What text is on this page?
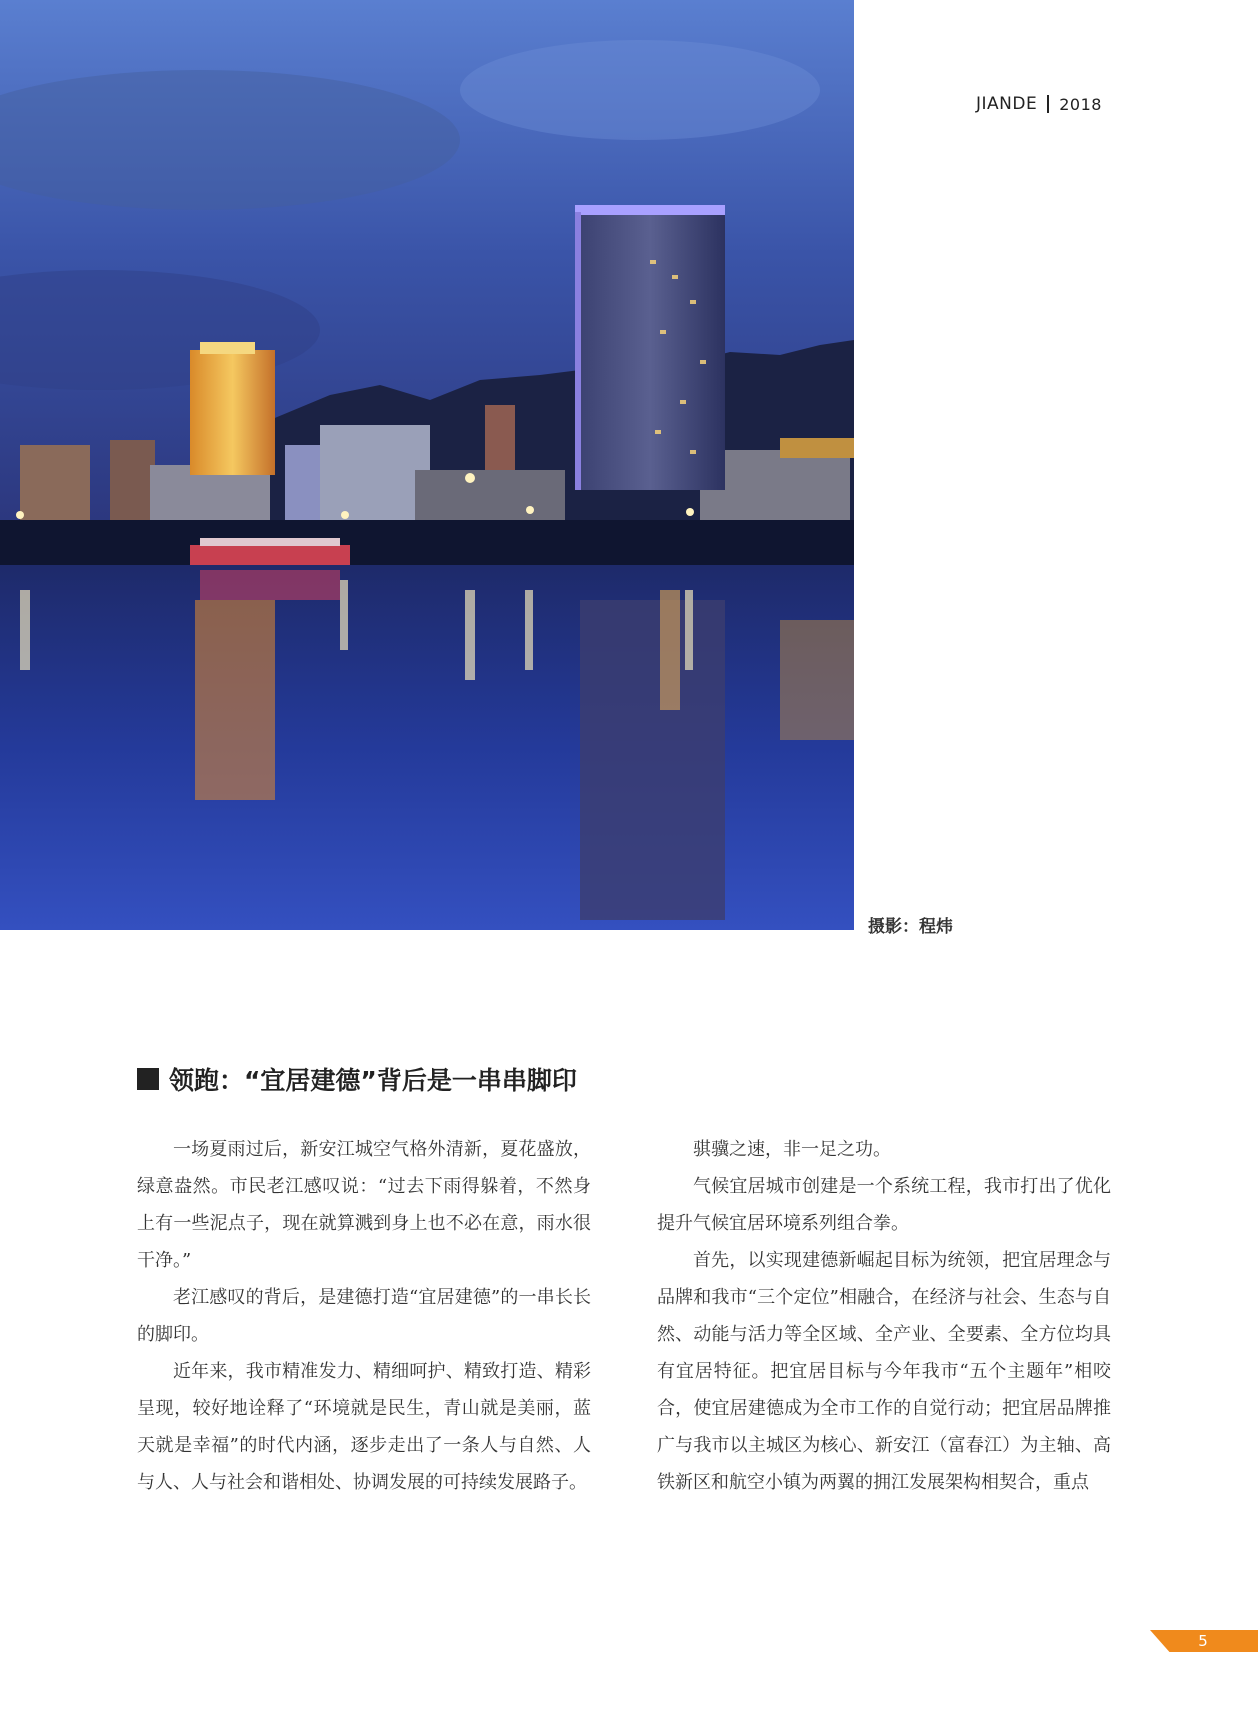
JIANDE 2018
摄影：程炜
领跑：“宜居建德”背后是一串串脚印

一场夏雨过后，新安江城空气格外清新，夏花盛放，绿意盎然。市民老江感叹说：“过去下雨得躲着，不然身上有一些泥点子，现在就算溅到身上也不必在意，雨水很干净。”

老江感叹的背后，是建德打造“宜居建德”的一串长长的脚印。

近年来，我市精准发力、精细呵护、精致打造、精彩呈现，较好地诠释了“环境就是民生，青山就是美丽，蓝天就是幸福”的时代内涵，逐步走出了一条人与自然、人与人、人与社会和谐相处、协调发展的可持续发展路子。

骐骥之速，非一足之功。

气候宜居城市创建是一个系统工程，我市打出了优化提升气候宜居环境系列组合拳。

首先，以实现建德新崛起目标为统领，把宜居理念与品牌和我市“三个定位”相融合，在经济与社会、生态与自然、动能与活力等全区域、全产业、全要素、全方位均具有宜居特征。把宜居目标与今年我市“五个主题年”相咬合，使宜居建德成为全市工作的自觉行动；把宜居品牌推广与我市以主城区为核心、新安江（富春江）为主轴、高铁新区和航空小镇为两翼的拥江发展架构相契合，重点

5
